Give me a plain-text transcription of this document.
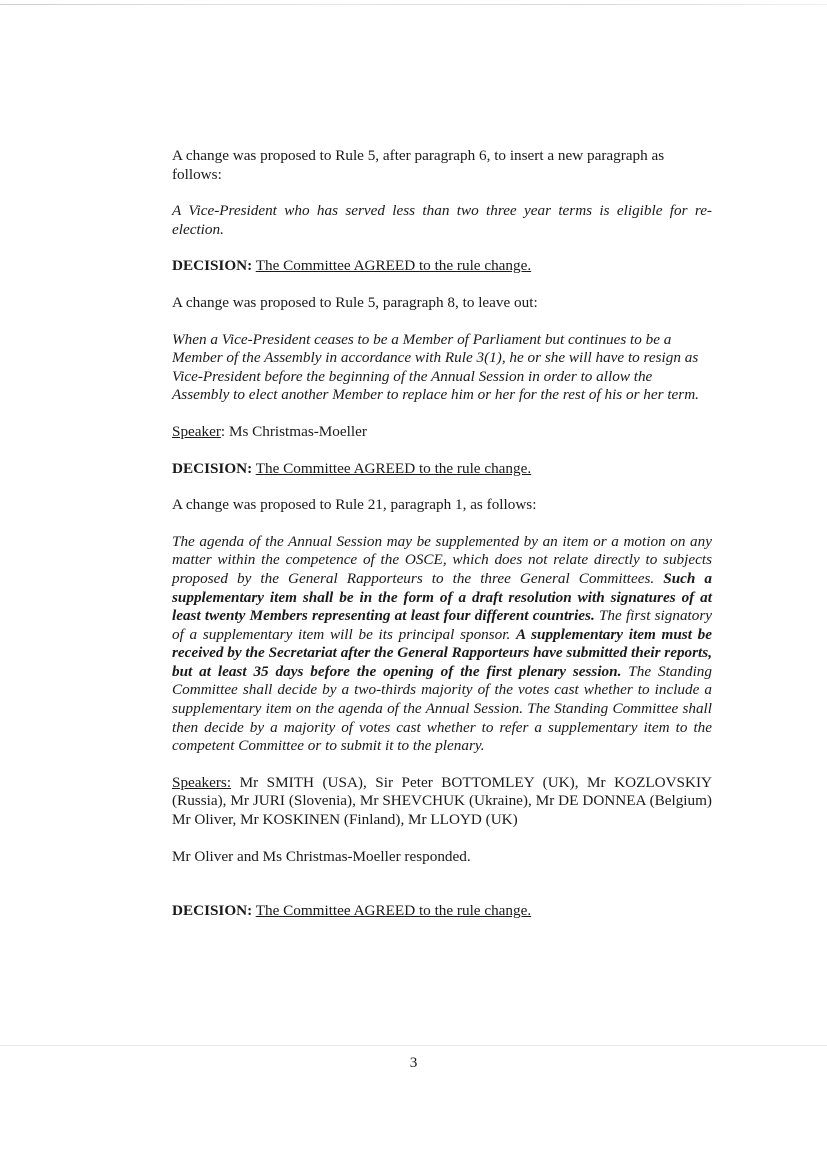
A change was proposed to Rule 5, after paragraph 6, to insert a new paragraph as follows:

A Vice-President who has served less than two three year terms is eligible for re-election.

DECISION: The Committee AGREED to the rule change.

A change was proposed to Rule 5, paragraph 8, to leave out:

When a Vice-President ceases to be a Member of Parliament but continues to be a Member of the Assembly in accordance with Rule 3(1), he or she will have to resign as Vice-President before the beginning of the Annual Session in order to allow the Assembly to elect another Member to replace him or her for the rest of his or her term.

Speaker: Ms Christmas-Moeller

DECISION: The Committee AGREED to the rule change.

A change was proposed to Rule 21, paragraph 1, as follows:

The agenda of the Annual Session may be supplemented by an item or a motion on any matter within the competence of the OSCE, which does not relate directly to subjects proposed by the General Rapporteurs to the three General Committees. Such a supplementary item shall be in the form of a draft resolution with signatures of at least twenty Members representing at least four different countries. The first signatory of a supplementary item will be its principal sponsor. A supplementary item must be received by the Secretariat after the General Rapporteurs have submitted their reports, but at least 35 days before the opening of the first plenary session. The Standing Committee shall decide by a two-thirds majority of the votes cast whether to include a supplementary item on the agenda of the Annual Session. The Standing Committee shall then decide by a majority of votes cast whether to refer a supplementary item to the competent Committee or to submit it to the plenary.

Speakers: Mr SMITH (USA), Sir Peter BOTTOMLEY (UK), Mr KOZLOVSKIY (Russia), Mr JURI (Slovenia), Mr SHEVCHUK (Ukraine), Mr DE DONNEA (Belgium) Mr Oliver, Mr KOSKINEN (Finland), Mr LLOYD (UK)

Mr Oliver and Ms Christmas-Moeller responded.

DECISION: The Committee AGREED to the rule change.

3
